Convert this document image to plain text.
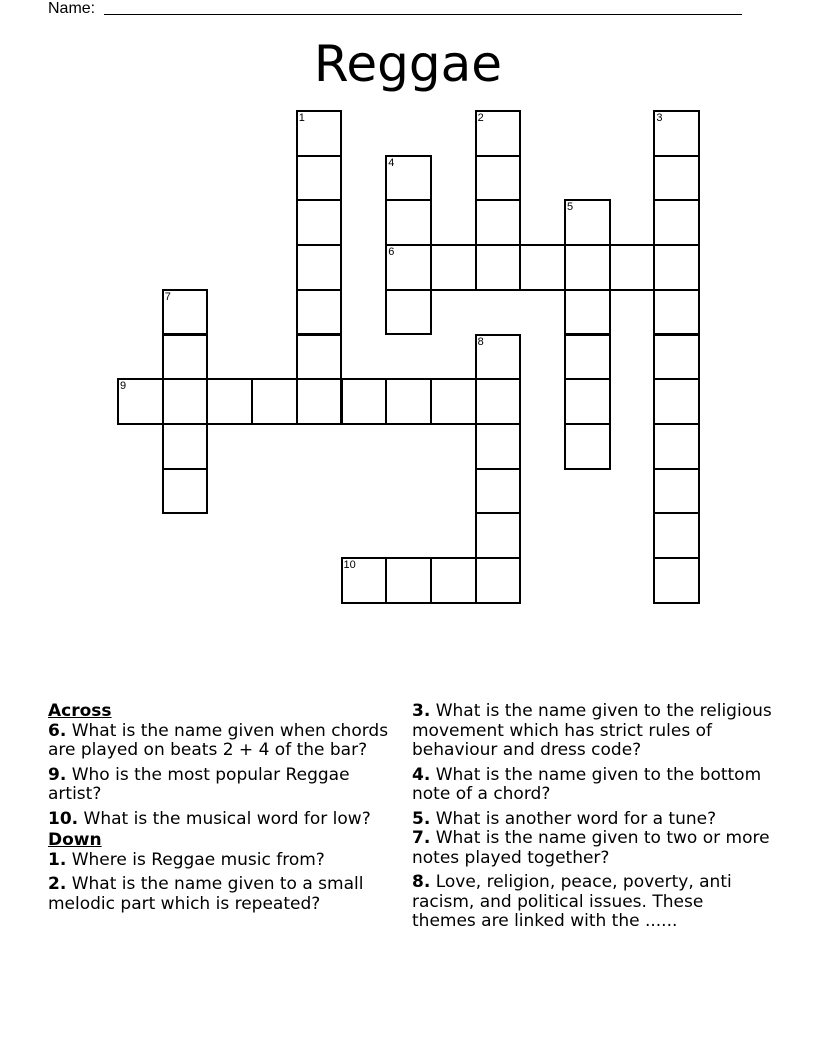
Name:
Reggae
1	2	3
4
5
6
7
8
9
10

Across

6. What is the name given when chords are played on beats 2 + 4 of the bar?

9. Who is the most popular Reggae artist?

10. What is the musical word for low?

Down

1. Where is Reggae music from?

2. What is the name given to a small melodic part which is repeated?

3. What is the name given to the religious movement which has strict rules of behaviour and dress code?

4. What is the name given to the bottom note of a chord?

5. What is another word for a tune?

7. What is the name given to two or more notes played together?

8. Love, religion, peace, poverty, anti racism, and political issues. These themes are linked with the ......
